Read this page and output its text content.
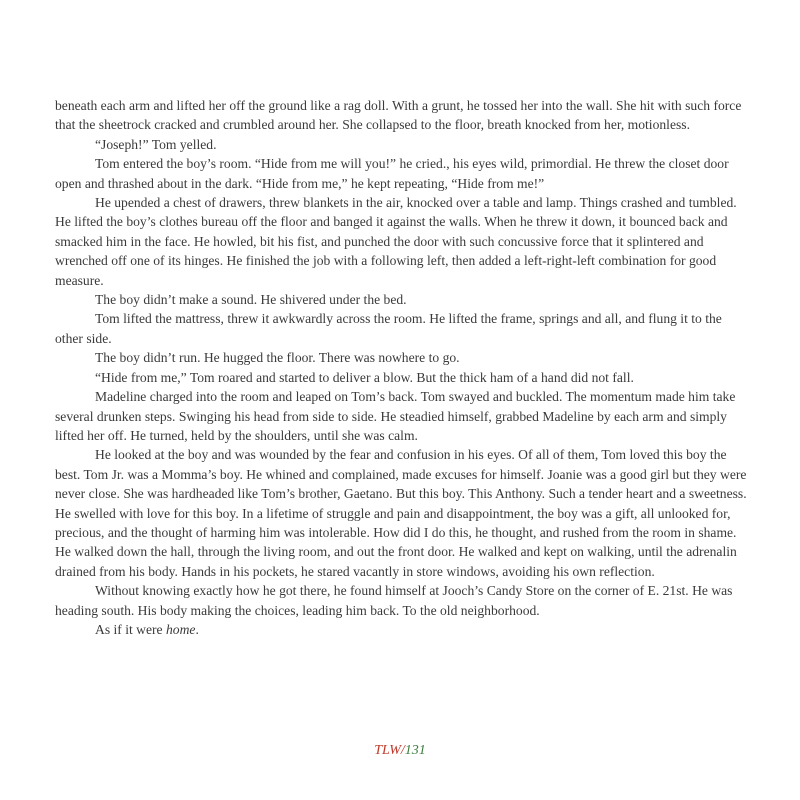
beneath each arm and lifted her off the ground like a rag doll. With a grunt, he tossed her into the wall. She hit with such force that the sheetrock cracked and crumbled around her. She collapsed to the floor, breath knocked from her, motionless.

“Joseph!” Tom yelled.

Tom entered the boy’s room. “Hide from me will you!” he cried., his eyes wild, primordial. He threw the closet door open and thrashed about in the dark. “Hide from me,” he kept repeating, “Hide from me!”

He upended a chest of drawers, threw blankets in the air, knocked over a table and lamp. Things crashed and tumbled. He lifted the boy’s clothes bureau off the floor and banged it against the walls. When he threw it down, it bounced back and smacked him in the face. He howled, bit his fist, and punched the door with such concussive force that it splintered and wrenched off one of its hinges. He finished the job with a following left, then added a left-right-left combination for good measure.

The boy didn’t make a sound. He shivered under the bed.

Tom lifted the mattress, threw it awkwardly across the room. He lifted the frame, springs and all, and flung it to the other side.

The boy didn’t run. He hugged the floor. There was nowhere to go.

“Hide from me,” Tom roared and started to deliver a blow. But the thick ham of a hand did not fall.

Madeline charged into the room and leaped on Tom’s back. Tom swayed and buckled. The momentum made him take several drunken steps. Swinging his head from side to side. He steadied himself, grabbed Madeline by each arm and simply lifted her off. He turned, held by the shoulders, until she was calm.

He looked at the boy and was wounded by the fear and confusion in his eyes. Of all of them, Tom loved this boy the best. Tom Jr. was a Momma’s boy. He whined and complained, made excuses for himself. Joanie was a good girl but they were never close. She was hardheaded like Tom’s brother, Gaetano. But this boy. This Anthony. Such a tender heart and a sweetness. He swelled with love for this boy. In a lifetime of struggle and pain and disappointment, the boy was a gift, all unlooked for, precious, and the thought of harming him was intolerable. How did I do this, he thought, and rushed from the room in shame. He walked down the hall, through the living room, and out the front door. He walked and kept on walking, until the adrenalin drained from his body. Hands in his pockets, he stared vacantly in store windows, avoiding his own reflection.

Without knowing exactly how he got there, he found himself at Jooch’s Candy Store on the corner of E. 21st. He was heading south. His body making the choices, leading him back. To the old neighborhood.

As if it were home.

TLW/131
